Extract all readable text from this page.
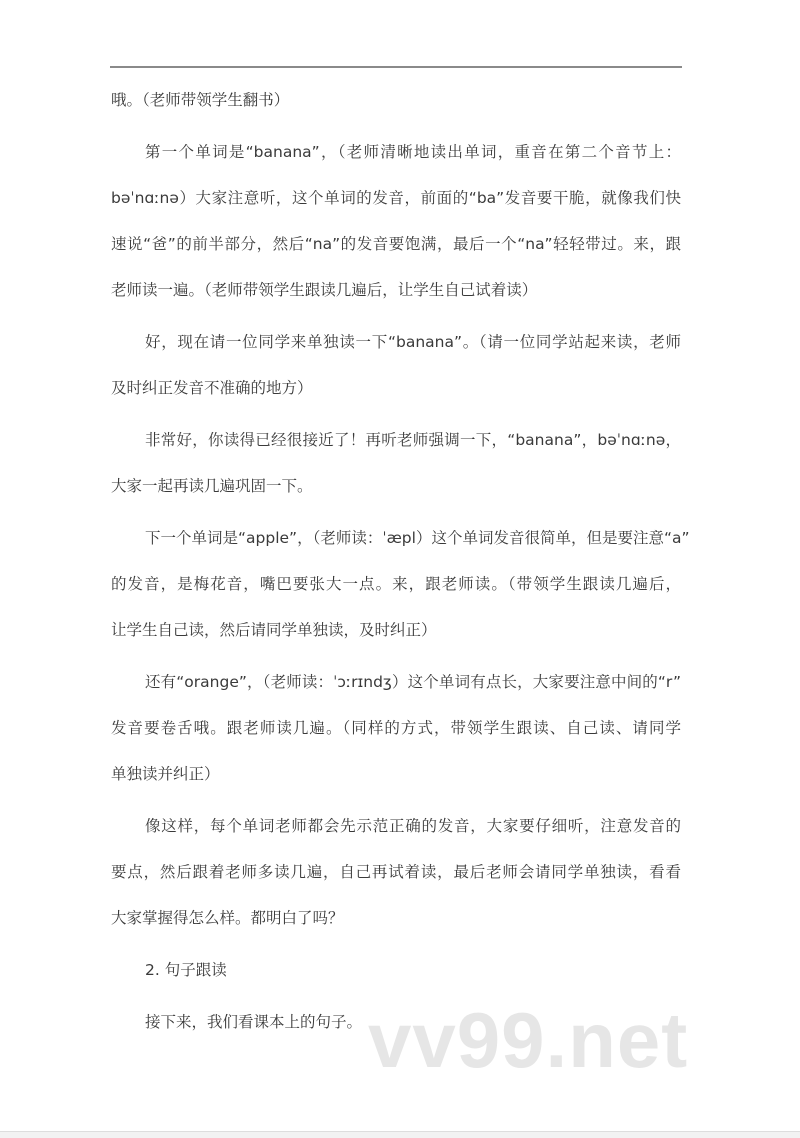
哦。（老师带领学生翻书）
第一个单词是“banana”，（老师清晰地读出单词，重音在第二个音节上：
bəˈnɑːnə）大家注意听，这个单词的发音，前面的“ba”发音要干脆，就像我们快
速说“爸”的前半部分，然后“na”的发音要饱满，最后一个“na”轻轻带过。来，跟
老师读一遍。（老师带领学生跟读几遍后，让学生自己试着读）
好，现在请一位同学来单独读一下“banana”。（请一位同学站起来读，老师
及时纠正发音不准确的地方）
非常好，你读得已经很接近了！再听老师强调一下，“banana”，bəˈnɑːnə，
大家一起再读几遍巩固一下。
下一个单词是“apple”，（老师读：ˈæpl）这个单词发音很简单，但是要注意“a”
的发音，是梅花音，嘴巴要张大一点。来，跟老师读。（带领学生跟读几遍后，
让学生自己读，然后请同学单独读，及时纠正）
还有“orange”，（老师读：ˈɔːrɪndʒ）这个单词有点长，大家要注意中间的“r”
发音要卷舌哦。跟老师读几遍。（同样的方式，带领学生跟读、自己读、请同学
单独读并纠正）
像这样，每个单词老师都会先示范正确的发音，大家要仔细听，注意发音的
要点，然后跟着老师多读几遍，自己再试着读，最后老师会请同学单独读，看看
大家掌握得怎么样。都明白了吗？
2. 句子跟读
接下来，我们看课本上的句子。 vv99.net
